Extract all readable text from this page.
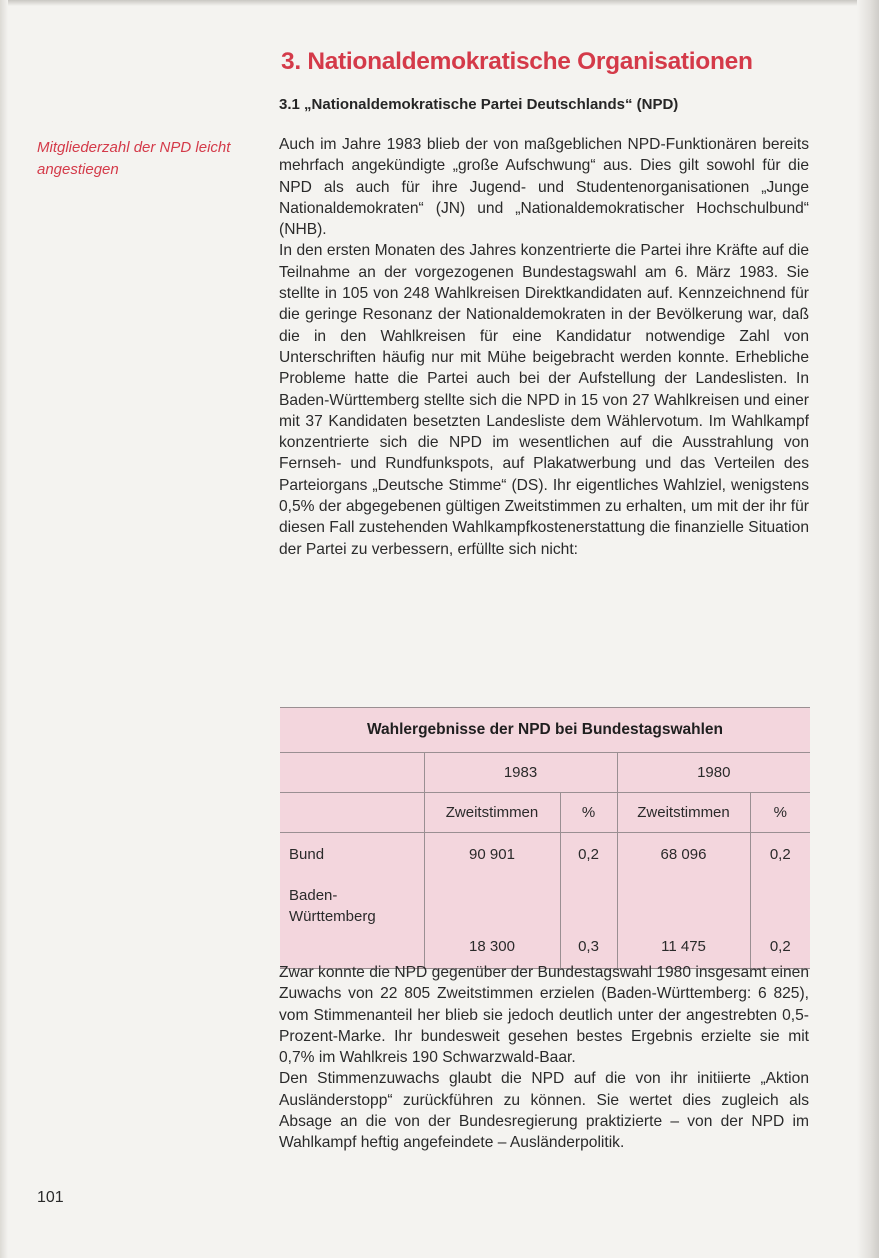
3. Nationaldemokratische Organisationen
3.1 „Nationaldemokratische Partei Deutschlands“ (NPD)
Mitgliederzahl der NPD leicht angestiegen

Auch im Jahre 1983 blieb der von maßgeblichen NPD-Funktionären bereits mehrfach angekündigte „große Aufschwung“ aus. Dies gilt sowohl für die NPD als auch für ihre Jugend- und Studentenorganisationen „Junge Nationaldemokraten“ (JN) und „Nationaldemokratischer Hochschulbund“ (NHB).

In den ersten Monaten des Jahres konzentrierte die Partei ihre Kräfte auf die Teilnahme an der vorgezogenen Bundestagswahl am 6. März 1983. Sie stellte in 105 von 248 Wahlkreisen Direktkandidaten auf. Kennzeichnend für die geringe Resonanz der Nationaldemokraten in der Bevölkerung war, daß die in den Wahlkreisen für eine Kandidatur notwendige Zahl von Unterschriften häufig nur mit Mühe beigebracht werden konnte. Erhebliche Probleme hatte die Partei auch bei der Aufstellung der Landeslisten. In Baden-Württemberg stellte sich die NPD in 15 von 27 Wahlkreisen und einer mit 37 Kandidaten besetzten Landesliste dem Wählervotum. Im Wahlkampf konzentrierte sich die NPD im wesentlichen auf die Ausstrahlung von Fernseh- und Rundfunkspots, auf Plakatwerbung und das Verteilen des Parteiorgans „Deutsche Stimme“ (DS). Ihr eigentliches Wahlziel, wenigstens 0,5% der abgegebenen gültigen Zweitstimmen zu erhalten, um mit der ihr für diesen Fall zustehenden Wahlkampfkostenerstattung die finanzielle Situation der Partei zu verbessern, erfüllte sich nicht:

Wahlergebnisse der NPD bei Bundestagswahlen
	1983		1980	
	Zweitstimmen	%	Zweitstimmen	%
Bund	90 901	0,2	68 096	0,2
Baden-
Württemberg	18 300	0,3	11 475	0,2

Zwar konnte die NPD gegenüber der Bundestagswahl 1980 insgesamt einen Zuwachs von 22 805 Zweitstimmen erzielen (Baden-Württemberg: 6 825), vom Stimmenanteil her blieb sie jedoch deutlich unter der angestrebten 0,5-Prozent-Marke. Ihr bundesweit gesehen bestes Ergebnis erzielte sie mit 0,7% im Wahlkreis 190 Schwarzwald-Baar.

Den Stimmenzuwachs glaubt die NPD auf die von ihr initiierte „Aktion Ausländerstopp“ zurückführen zu können. Sie wertet dies zugleich als Absage an die von der Bundesregierung praktizierte – von der NPD im Wahlkampf heftig angefeindete – Ausländerpolitik.

101
